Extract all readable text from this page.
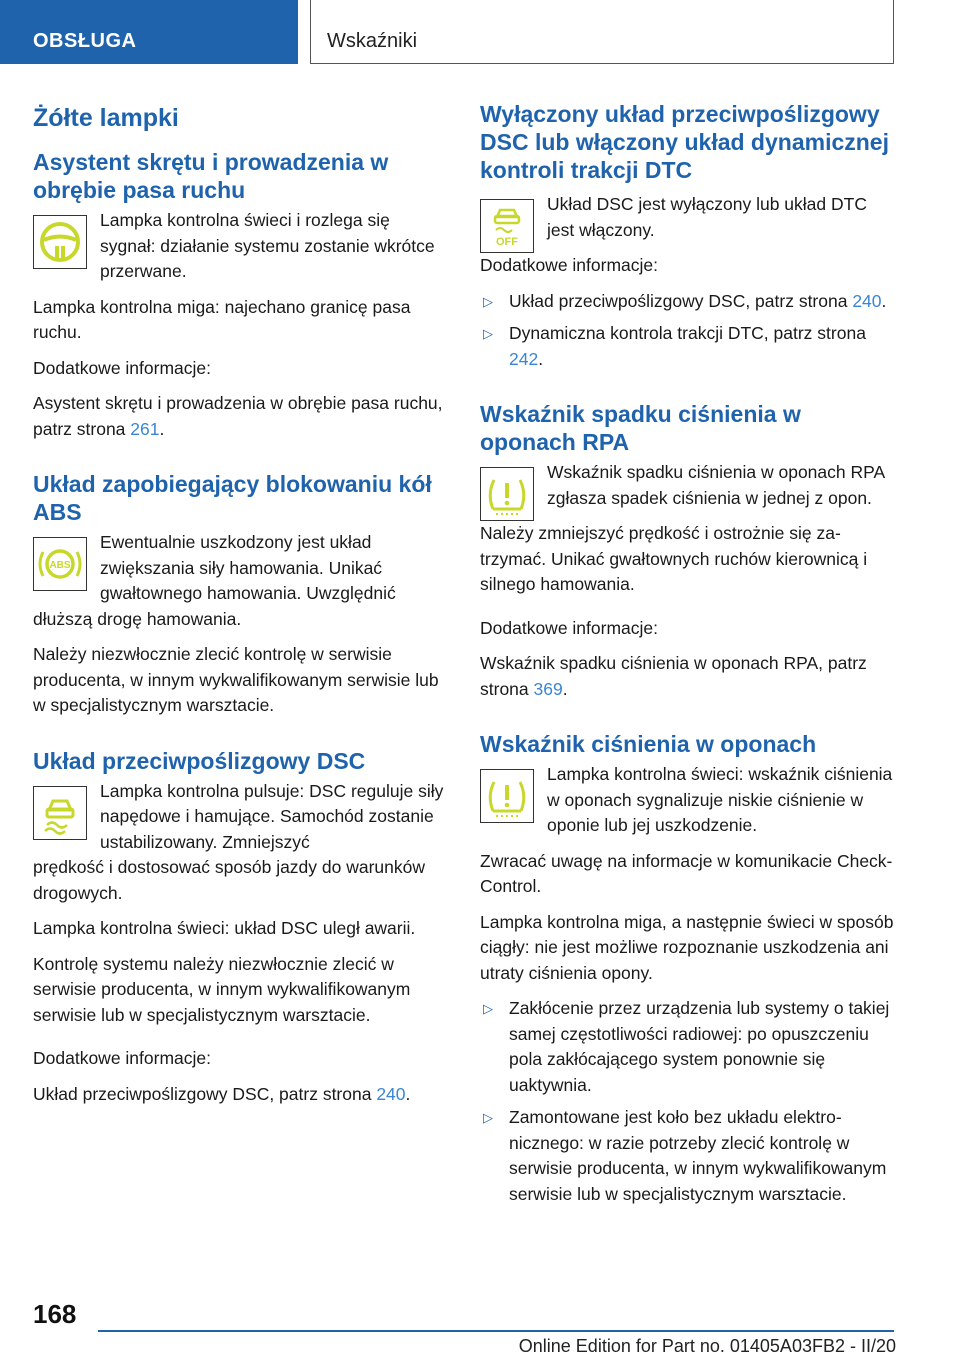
OBSŁUGA	Wskaźniki
Żółte lampki
Asystent skrętu i prowadzenia w obrębie pasa ruchu

Lampka kontrolna świeci i rozlega się sygnał: działanie systemu zostanie wkrótce przerwane.

Lampka kontrolna miga: najechano granicę pasa ruchu.

Dodatkowe informacje:

Asystent skrętu i prowadzenia w obrębie pasa ruchu, patrz strona 261.

Układ zapobiegający blokowaniu kół ABS
ABS

Ewentualnie uszkodzony jest układ zwiększania siły hamowania. Unikać gwałtownego hamowania. Uwzględnić

dłuższą drogę hamowania.

Należy niezwłocznie zlecić kontrolę w serwisie producenta, w innym wykwalifikowanym serwisie lub w specjalistycznym warsztacie.

Układ przeciwpoślizgowy DSC

Lampka kontrolna pulsuje: DSC reguluje siły napędowe i hamujące. Samochód zostanie ustabilizowany. Zmniejszyć

prędkość i dostosować sposób jazdy do warunków drogowych.

Lampka kontrolna świeci: układ DSC uległ awarii.

Kontrolę systemu należy niezwłocznie zlecić w serwisie producenta, w innym wykwalifikowanym serwisie lub w specjalistycznym warsztacie.

Dodatkowe informacje:

Układ przeciwpoślizgowy DSC, patrz strona 240.

Wyłączony układ przeciwpoślizgowy DSC lub włączony układ dynamicznej kontroli trakcji DTC
OFF

Układ DSC jest wyłączony lub układ DTC jest włączony.

Dodatkowe informacje:

▷ Układ przeciwpoślizgowy DSC, patrz strona 240.
▷ Dynamiczna kontrola trakcji DTC, patrz strona 242.
Wskaźnik spadku ciśnienia w oponach RPA

Wskaźnik spadku ciśnienia w oponach RPA zgłasza spadek ciśnienia w jednej z opon.

Należy zmniejszyć prędkość i ostrożnie się zatrzymać. Unikać gwałtownych ruchów kierownicą i silnego hamowania.

Dodatkowe informacje:

Wskaźnik spadku ciśnienia w oponach RPA, patrz strona 369.

Wskaźnik ciśnienia w oponach

Lampka kontrolna świeci: wskaźnik ciśnienia w oponach sygnalizuje niskie ciśnienie w oponie lub jej uszkodzenie.

Zwracać uwagę na informacje w komunikacie Check-Control.

Lampka kontrolna miga, a następnie świeci w sposób ciągły: nie jest możliwe rozpoznanie uszkodzenia ani utraty ciśnienia opony.

▷ Zakłócenie przez urządzenia lub systemy o takiej samej częstotliwości radiowej: po opuszczeniu pola zakłócającego system ponownie się uaktywnia.
▷ Zamontowane jest koło bez układu elektronicznego: w razie potrzeby zlecić kontrolę w serwisie producenta, w innym wykwalifikowanym serwisie lub w specjalistycznym warsztacie.
168
Online Edition for Part no. 01405A03FB2 - II/20
